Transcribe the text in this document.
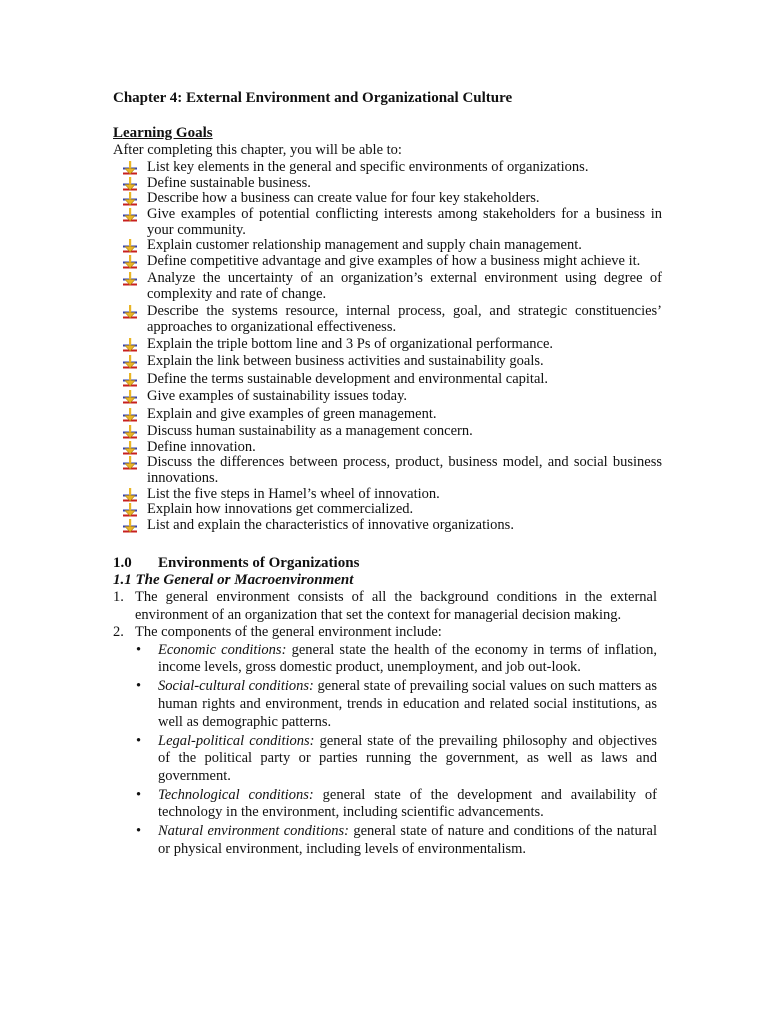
Chapter 4: External Environment and Organizational Culture
Learning Goals

After completing this chapter, you will be able to:

List key elements in the general and specific environments of organizations.
Define sustainable business.
Describe how a business can create value for four key stakeholders.
Give examples of potential conflicting interests among stakeholders for a business in your community.
Explain customer relationship management and supply chain management.
Define competitive advantage and give examples of how a business might achieve it.
Analyze the uncertainty of an organization’s external environment using degree of complexity and rate of change.
Describe the systems resource, internal process, goal, and strategic constituencies’ approaches to organizational effectiveness.
Explain the triple bottom line and 3 Ps of organizational performance.
Explain the link between business activities and sustainability goals.
Define the terms sustainable development and environmental capital.
Give examples of sustainability issues today.
Explain and give examples of green management.
Discuss human sustainability as a management concern.
Define innovation.
Discuss the differences between process, product, business model, and social business innovations.
List the five steps in Hamel’s wheel of innovation.
Explain how innovations get commercialized.
List and explain the characteristics of innovative organizations.
1.0 Environments of Organizations
1.1 The General or Macroenvironment
1. The general environment consists of all the background conditions in the external environment of an organization that set the context for managerial decision making.
2. The components of the general environment include:
• Economic conditions: general state the health of the economy in terms of inflation, income levels, gross domestic product, unemployment, and job out-look.
• Social-cultural conditions: general state of prevailing social values on such matters as human rights and environment, trends in education and related social institutions, as well as demographic patterns.
• Legal-political conditions: general state of the prevailing philosophy and objectives of the political party or parties running the government, as well as laws and government.
• Technological conditions: general state of the development and availability of technology in the environment, including scientific advancements.
• Natural environment conditions: general state of nature and conditions of the natural or physical environment, including levels of environmentalism.
